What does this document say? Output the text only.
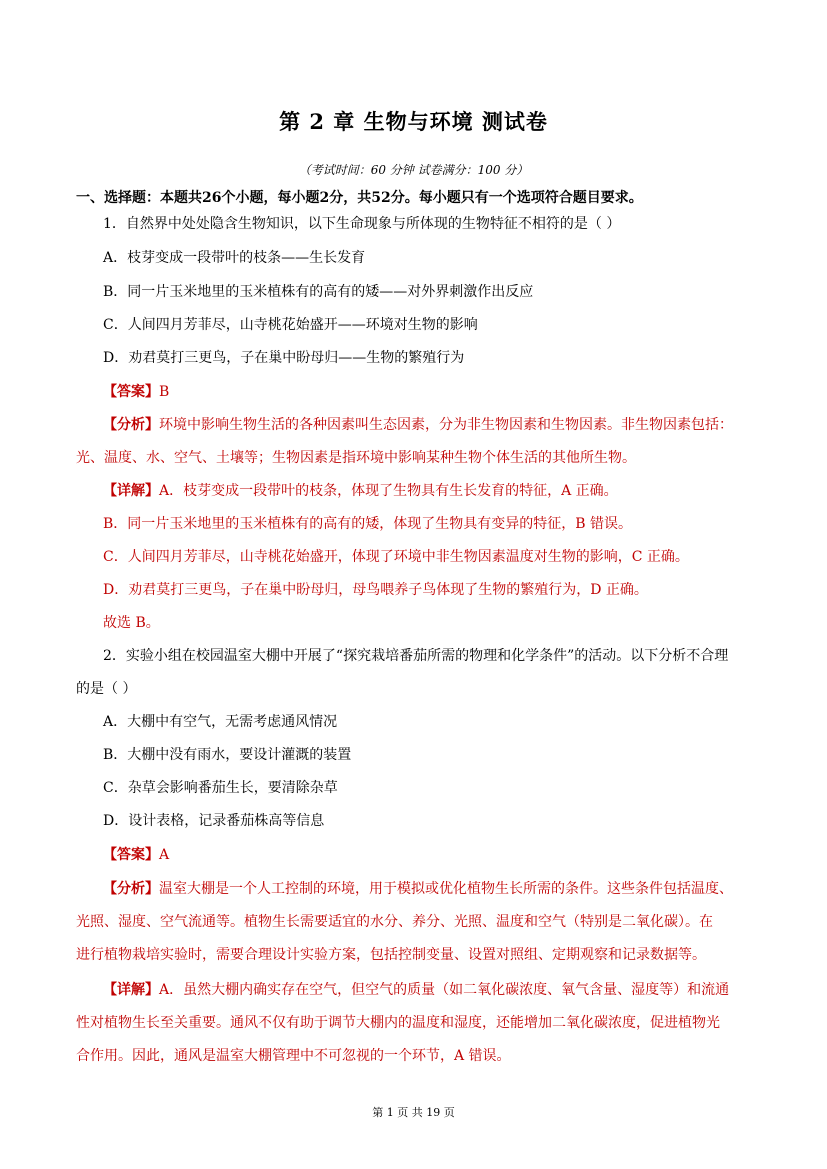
第 2 章 生物与环境 测试卷
（考试时间：60 分钟 试卷满分：100 分）
一、选择题：本题共26个小题，每小题2分，共52分。每小题只有一个选项符合题目要求。
1．自然界中处处隐含生物知识，以下生命现象与所体现的生物特征不相符的是（ ）
A．枝芽变成一段带叶的枝条——生长发育
B．同一片玉米地里的玉米植株有的高有的矮——对外界刺激作出反应
C．人间四月芳菲尽，山寺桃花始盛开——环境对生物的影响
D．劝君莫打三更鸟，子在巢中盼母归——生物的繁殖行为
【答案】B
【分析】环境中影响生物生活的各种因素叫生态因素，分为非生物因素和生物因素。非生物因素包括：
光、温度、水、空气、土壤等；生物因素是指环境中影响某种生物个体生活的其他所生物。
【详解】A．枝芽变成一段带叶的枝条，体现了生物具有生长发育的特征，A 正确。
B．同一片玉米地里的玉米植株有的高有的矮，体现了生物具有变异的特征，B 错误。
C．人间四月芳菲尽，山寺桃花始盛开，体现了环境中非生物因素温度对生物的影响，C 正确。
D．劝君莫打三更鸟，子在巢中盼母归，母鸟喂养子鸟体现了生物的繁殖行为，D 正确。
故选 B。
2．实验小组在校园温室大棚中开展了“探究栽培番茄所需的物理和化学条件”的活动。以下分析不合理
的是（ ）
A．大棚中有空气，无需考虑通风情况
B．大棚中没有雨水，要设计灌溉的装置
C．杂草会影响番茄生长，要清除杂草
D．设计表格，记录番茄株高等信息
【答案】A
【分析】温室大棚是一个人工控制的环境，用于模拟或优化植物生长所需的条件。这些条件包括温度、
光照、湿度、空气流通等。植物生长需要适宜的水分、养分、光照、温度和空气（特别是二氧化碳）。在
进行植物栽培实验时，需要合理设计实验方案，包括控制变量、设置对照组、定期观察和记录数据等。
【详解】A．虽然大棚内确实存在空气，但空气的质量（如二氧化碳浓度、氧气含量、湿度等）和流通
性对植物生长至关重要。通风不仅有助于调节大棚内的温度和湿度，还能增加二氧化碳浓度，促进植物光
合作用。因此，通风是温室大棚管理中不可忽视的一个环节，A 错误。
第 1 页 共 19 页
